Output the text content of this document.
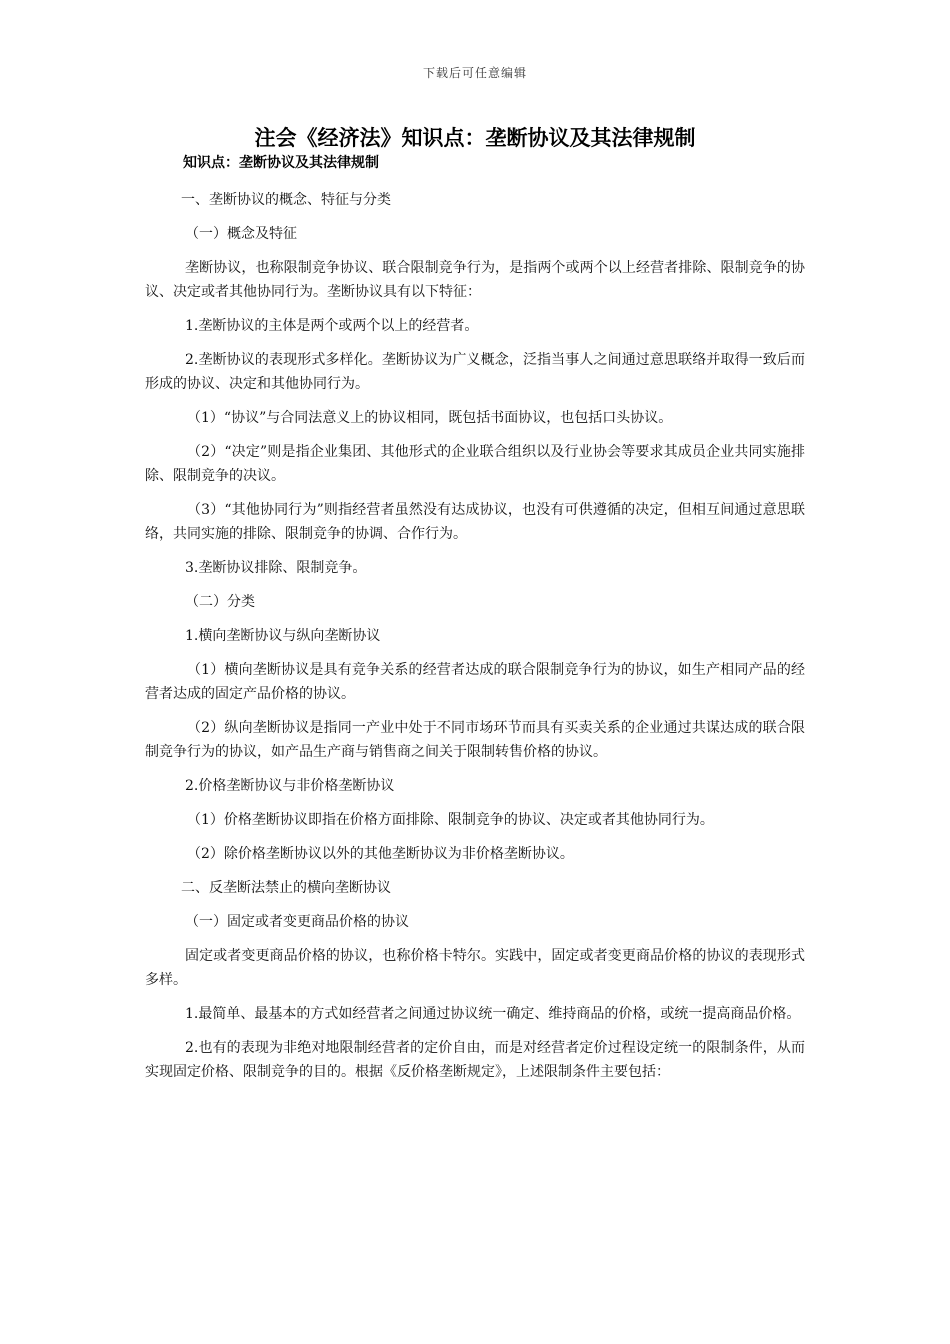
下载后可任意编辑
注会《经济法》知识点：垄断协议及其法律规制
知识点：垄断协议及其法律规制

一、垄断协议的概念、特征与分类

（一）概念及特征

垄断协议，也称限制竞争协议、联合限制竞争行为，是指两个或两个以上经营者排除、限制竞争的协议、决定或者其他协同行为。垄断协议具有以下特征：

1.垄断协议的主体是两个或两个以上的经营者。

2.垄断协议的表现形式多样化。垄断协议为广义概念，泛指当事人之间通过意思联络并取得一致后而形成的协议、决定和其他协同行为。

（1）“协议”与合同法意义上的协议相同，既包括书面协议，也包括口头协议。

（2）“决定”则是指企业集团、其他形式的企业联合组织以及行业协会等要求其成员企业共同实施排除、限制竞争的决议。

（3）“其他协同行为”则指经营者虽然没有达成协议，也没有可供遵循的决定，但相互间通过意思联络，共同实施的排除、限制竞争的协调、合作行为。

3.垄断协议排除、限制竞争。

（二）分类

1.横向垄断协议与纵向垄断协议

（1）横向垄断协议是具有竞争关系的经营者达成的联合限制竞争行为的协议，如生产相同产品的经营者达成的固定产品价格的协议。

（2）纵向垄断协议是指同一产业中处于不同市场环节而具有买卖关系的企业通过共谋达成的联合限制竞争行为的协议，如产品生产商与销售商之间关于限制转售价格的协议。

2.价格垄断协议与非价格垄断协议

（1）价格垄断协议即指在价格方面排除、限制竞争的协议、决定或者其他协同行为。

（2）除价格垄断协议以外的其他垄断协议为非价格垄断协议。

二、反垄断法禁止的横向垄断协议

（一）固定或者变更商品价格的协议

固定或者变更商品价格的协议，也称价格卡特尔。实践中，固定或者变更商品价格的协议的表现形式多样。

1.最简单、最基本的方式如经营者之间通过协议统一确定、维持商品的价格，或统一提高商品价格。

2.也有的表现为非绝对地限制经营者的定价自由，而是对经营者定价过程设定统一的限制条件，从而实现固定价格、限制竞争的目的。根据《反价格垄断规定》，上述限制条件主要包括：
